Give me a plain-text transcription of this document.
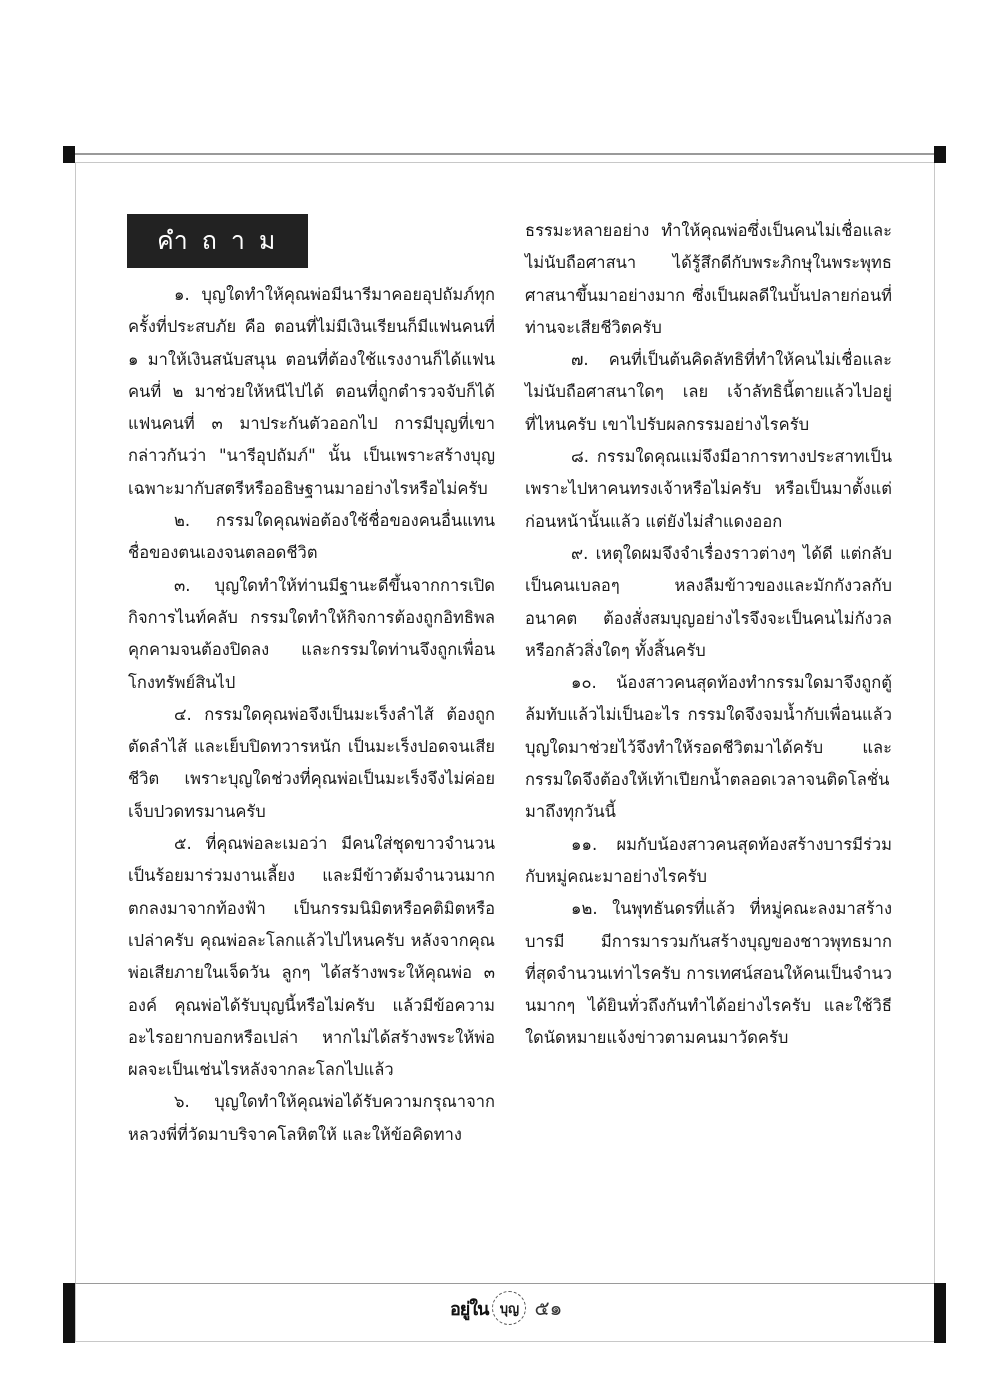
คำถาม

๑. บุญใดทำให้คุณพ่อมีนารีมาคอยอุปถัมภ์ทุกครั้งที่ประสบภัย คือ ตอนที่ไม่มีเงินเรียนก็มีแฟนคนที่ ๑ มาให้เงินสนับสนุน ตอนที่ต้องใช้แรงงานก็ได้แฟนคนที่ ๒ มาช่วยให้หนีไปได้ ตอนที่ถูกตำรวจจับก็ได้แฟนคนที่ ๓ มาประกันตัวออกไป การมีบุญที่เขากล่าวกันว่า "นารีอุปถัมภ์" นั้น เป็นเพราะสร้างบุญเฉพาะมากับสตรีหรืออธิษฐานมาอย่างไรหรือไม่ครับ

๒. กรรมใดคุณพ่อต้องใช้ชื่อของคนอื่นแทนชื่อของตนเองจนตลอดชีวิต

๓. บุญใดทำให้ท่านมีฐานะดีขึ้นจากการเปิดกิจการไนท์คลับ กรรมใดทำให้กิจการต้องถูกอิทธิพลคุกคามจนต้องปิดลง และกรรมใดท่านจึงถูกเพื่อนโกงทรัพย์สินไป

๔. กรรมใดคุณพ่อจึงเป็นมะเร็งลำไส้ ต้องถูกตัดลำไส้ และเย็บปิดทวารหนัก เป็นมะเร็งปอดจนเสียชีวิต เพราะบุญใดช่วงที่คุณพ่อเป็นมะเร็งจึงไม่ค่อยเจ็บปวดทรมานครับ

๕. ที่คุณพ่อละเมอว่า มีคนใส่ชุดขาวจำนวนเป็นร้อยมาร่วมงานเลี้ยง และมีข้าวต้มจำนวนมากตกลงมาจากท้องฟ้า เป็นกรรมนิมิตหรือคติมิตหรือเปล่าครับ คุณพ่อละโลกแล้วไปไหนครับ หลังจากคุณพ่อเสียภายในเจ็ดวัน ลูกๆ ได้สร้างพระให้คุณพ่อ ๓ องค์ คุณพ่อได้รับบุญนี้หรือไม่ครับ แล้วมีข้อความอะไรอยากบอกหรือเปล่า หากไม่ได้สร้างพระให้พ่อผลจะเป็นเช่นไรหลังจากละโลกไปแล้ว

๖. บุญใดทำให้คุณพ่อได้รับความกรุณาจากหลวงพี่ที่วัดมาบริจาคโลหิตให้ และให้ข้อคิดทาง

ธรรมะหลายอย่าง ทำให้คุณพ่อซึ่งเป็นคนไม่เชื่อและไม่นับถือศาสนา ได้รู้สึกดีกับพระภิกษุในพระพุทธศาสนาขึ้นมาอย่างมาก ซึ่งเป็นผลดีในบั้นปลายก่อนที่ท่านจะเสียชีวิตครับ

๗. คนที่เป็นต้นคิดลัทธิที่ทำให้คนไม่เชื่อและไม่นับถือศาสนาใดๆ เลย เจ้าลัทธินี้ตายแล้วไปอยู่ที่ไหนครับ เขาไปรับผลกรรมอย่างไรครับ

๘. กรรมใดคุณแม่จึงมีอาการทางประสาทเป็นเพราะไปหาคนทรงเจ้าหรือไม่ครับ หรือเป็นมาตั้งแต่ก่อนหน้านั้นแล้ว แต่ยังไม่สำแดงออก

๙. เหตุใดผมจึงจำเรื่องราวต่างๆ ได้ดี แต่กลับเป็นคนเบลอๆ หลงลืมข้าวของและมักกังวลกับอนาคต ต้องสั่งสมบุญอย่างไรจึงจะเป็นคนไม่กังวลหรือกลัวสิ่งใดๆ ทั้งสิ้นครับ

๑๐. น้องสาวคนสุดท้องทำกรรมใดมาจึงถูกตู้ล้มทับแล้วไม่เป็นอะไร กรรมใดจึงจมน้ำกับเพื่อนแล้วบุญใดมาช่วยไว้จึงทำให้รอดชีวิตมาได้ครับ และกรรมใดจึงต้องให้เท้าเปียกน้ำตลอดเวลาจนติดโลชั่นมาถึงทุกวันนี้

๑๑. ผมกับน้องสาวคนสุดท้องสร้างบารมีร่วมกับหมู่คณะมาอย่างไรครับ

๑๒. ในพุทธันดรที่แล้ว ที่หมู่คณะลงมาสร้างบารมี มีการมารวมกันสร้างบุญของชาวพุทธมากที่สุดจำนวนเท่าไรครับ การเทศน์สอนให้คนเป็นจำนวนมากๆ ได้ยินทั่วถึงกันทำได้อย่างไรครับ และใช้วิธีใดนัดหมายแจ้งข่าวตามคนมาวัดครับ

อยู่ใน บุญ ๕๑
